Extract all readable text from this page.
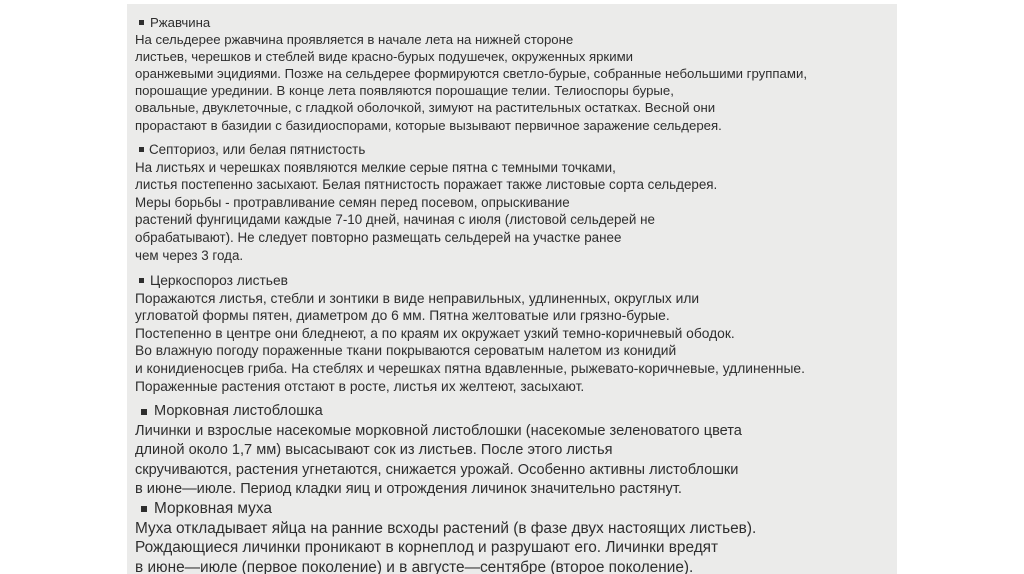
Ржавчина
На сельдерее ржавчина проявляется в начале лета на нижней стороне
листьев, черешков и стеблей виде красно-бурых подушечек, окруженных яркими
оранжевыми эцидиями. Позже на сельдерее формируются светло-бурые, собранные небольшими группами,
порошащие урединии. В конце лета появляются порошащие телии. Телиоспоры бурые,
овальные, двуклеточные, с гладкой оболочкой, зимуют на растительных остатках. Весной они
прорастают в базидии с базидиоспорами, которые вызывают первичное заражение сельдерея.
Септориоз, или белая пятнистость
На листьях и черешках появляются мелкие серые пятна с темными точками,
листья постепенно засыхают. Белая пятнистость поражает также листовые сорта сельдерея.
Меры борьбы - протравливание семян перед посевом, опрыскивание
растений фунгицидами каждые 7-10 дней, начиная с июля (листовой сельдерей не
обрабатывают). Не следует повторно размещать сельдерей на участке ранее
чем через 3 года.
Церкоспороз листьев
Поражаются листья, стебли и зонтики в виде неправильных, удлиненных, округлых или
угловатой формы пятен, диаметром до 6 мм. Пятна желтоватые или грязно-бурые.
Постепенно в центре они бледнеют, а по краям их окружает узкий темно-коричневый ободок.
Во влажную погоду пораженные ткани покрываются сероватым налетом из конидий
и конидиеносцев гриба. На стеблях и черешках пятна вдавленные, рыжевато-коричневые, удлиненные.
Пораженные растения отстают в росте, листья их желтеют, засыхают.
Морковная листоблошка
Личинки и взрослые насекомые морковной листоблошки (насекомые зеленоватого цвета
длиной около 1,7 мм) высасывают сок из листьев. После этого листья
скручиваются, растения угнетаются, снижается урожай. Особенно активны листоблошки
в июне—июле. Период кладки яиц и отрождения личинок значительно растянут.
Морковная муха
Муха откладывает яйца на ранние всходы растений (в фазе двух настоящих листьев).
Рождающиеся личинки проникают в корнеплод и разрушают его. Личинки вредят
в июне—июле (первое поколение) и в августе—сентябре (второе поколение).
